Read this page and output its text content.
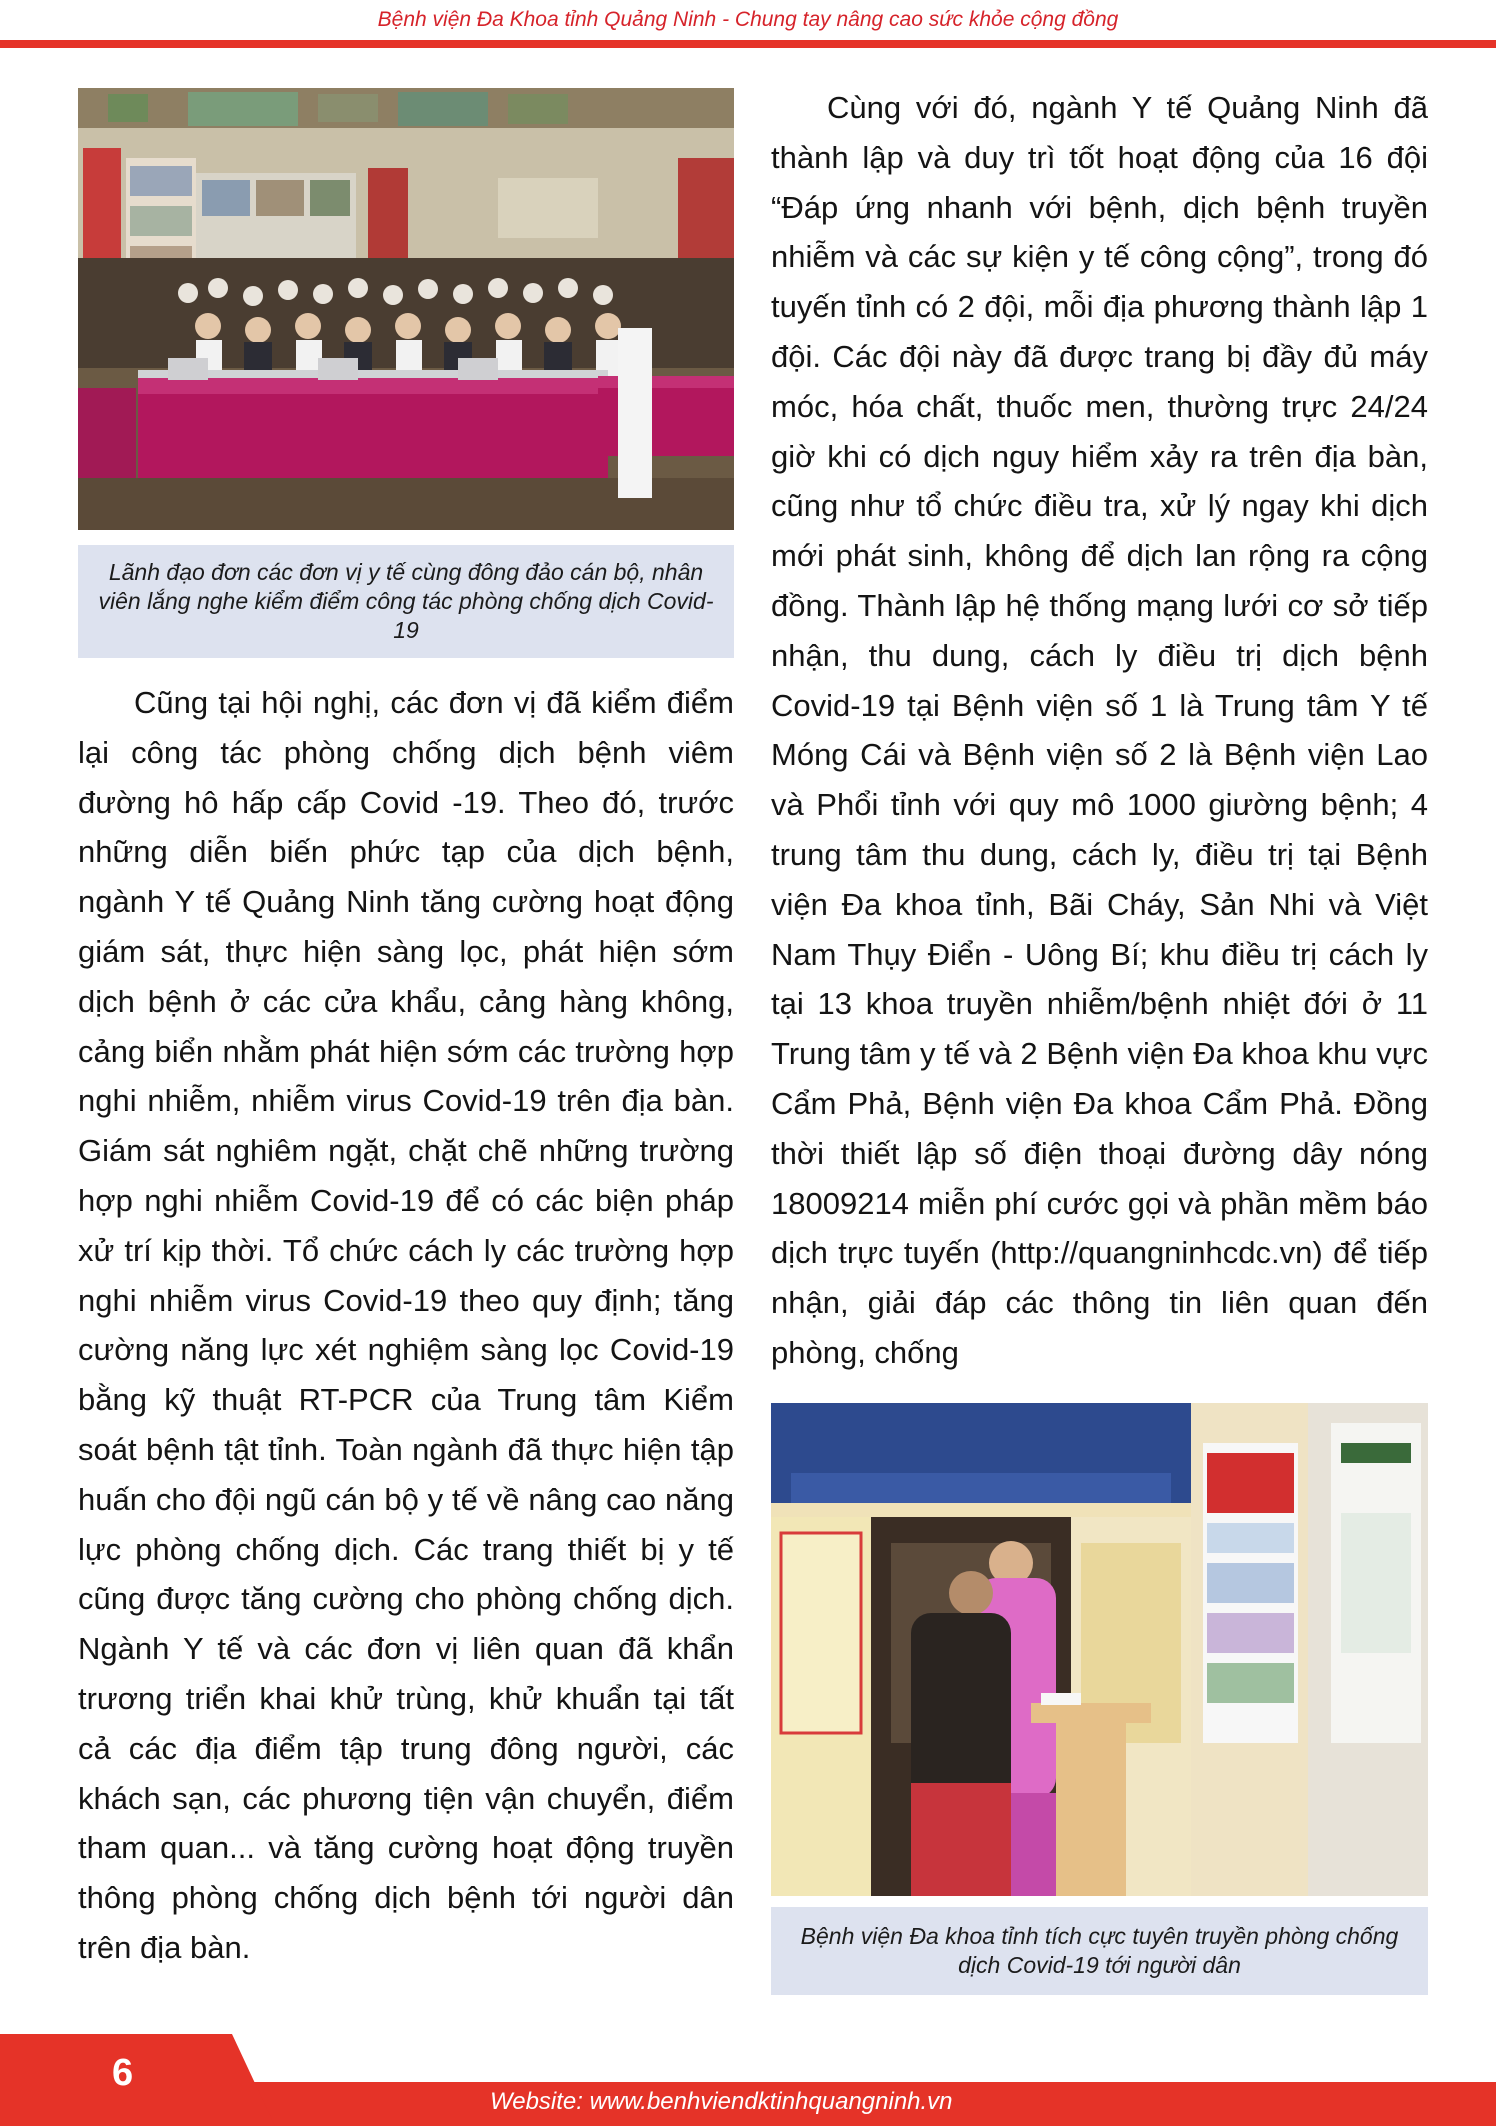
Bệnh viện Đa Khoa tỉnh Quảng Ninh - Chung tay nâng cao sức khỏe cộng đồng
Lãnh đạo đơn các đơn vị y tế cùng đông đảo cán bộ, nhân viên lắng nghe kiểm điểm công tác phòng chống dịch Covid-19

Cũng tại hội nghị, các đơn vị đã kiểm điểm lại công tác phòng chống dịch bệnh viêm đường hô hấp cấp Covid -19. Theo đó, trước những diễn biến phức tạp của dịch bệnh, ngành Y tế Quảng Ninh tăng cường hoạt động giám sát, thực hiện sàng lọc, phát hiện sớm dịch bệnh ở các cửa khẩu, cảng hàng không, cảng biển nhằm phát hiện sớm các trường hợp nghi nhiễm, nhiễm virus Covid-19 trên địa bàn. Giám sát nghiêm ngặt, chặt chẽ những trường hợp nghi nhiễm Covid-19 để có các biện pháp xử trí kịp thời. Tổ chức cách ly các trường hợp nghi nhiễm virus Covid-19 theo quy định; tăng cường năng lực xét nghiệm sàng lọc Covid-19 bằng kỹ thuật RT-PCR của Trung tâm Kiểm soát bệnh tật tỉnh. Toàn ngành đã thực hiện tập huấn cho đội ngũ cán bộ y tế về nâng cao năng lực phòng chống dịch. Các trang thiết bị y tế cũng được tăng cường cho phòng chống dịch. Ngành Y tế và các đơn vị liên quan đã khẩn trương triển khai khử trùng, khử khuẩn tại tất cả các địa điểm tập trung đông người, các khách sạn, các phương tiện vận chuyển, điểm tham quan... và tăng cường hoạt động truyền thông phòng chống dịch bệnh tới người dân trên địa bàn.

Cùng với đó, ngành Y tế Quảng Ninh đã thành lập và duy trì tốt hoạt động của 16 đội “Đáp ứng nhanh với bệnh, dịch bệnh truyền nhiễm và các sự kiện y tế công cộng”, trong đó tuyến tỉnh có 2 đội, mỗi địa phương thành lập 1 đội. Các đội này đã được trang bị đầy đủ máy móc, hóa chất, thuốc men, thường trực 24/24 giờ khi có dịch nguy hiểm xảy ra trên địa bàn, cũng như tổ chức điều tra, xử lý ngay khi dịch mới phát sinh, không để dịch lan rộng ra cộng đồng. Thành lập hệ thống mạng lưới cơ sở tiếp nhận, thu dung, cách ly điều trị dịch bệnh Covid-19 tại Bệnh viện số 1 là Trung tâm Y tế Móng Cái và Bệnh viện số 2 là Bệnh viện Lao và Phổi tỉnh với quy mô 1000 giường bệnh; 4 trung tâm thu dung, cách ly, điều trị tại Bệnh viện Đa khoa tỉnh, Bãi Cháy, Sản Nhi và Việt Nam Thụy Điển - Uông Bí; khu điều trị cách ly tại 13 khoa truyền nhiễm/bệnh nhiệt đới ở 11 Trung tâm y tế và 2 Bệnh viện Đa khoa khu vực Cẩm Phả, Bệnh viện Đa khoa Cẩm Phả. Đồng thời thiết lập số điện thoại đường dây nóng 18009214 miễn phí cước gọi và phần mềm báo dịch trực tuyến (http://quangninhcdc.vn) để tiếp nhận, giải đáp các thông tin liên quan đến phòng, chống

Bệnh viện Đa khoa tỉnh tích cực tuyên truyền phòng chống dịch Covid-19 tới người dân
6
Website: www.benhviendktinhquangninh.vn
